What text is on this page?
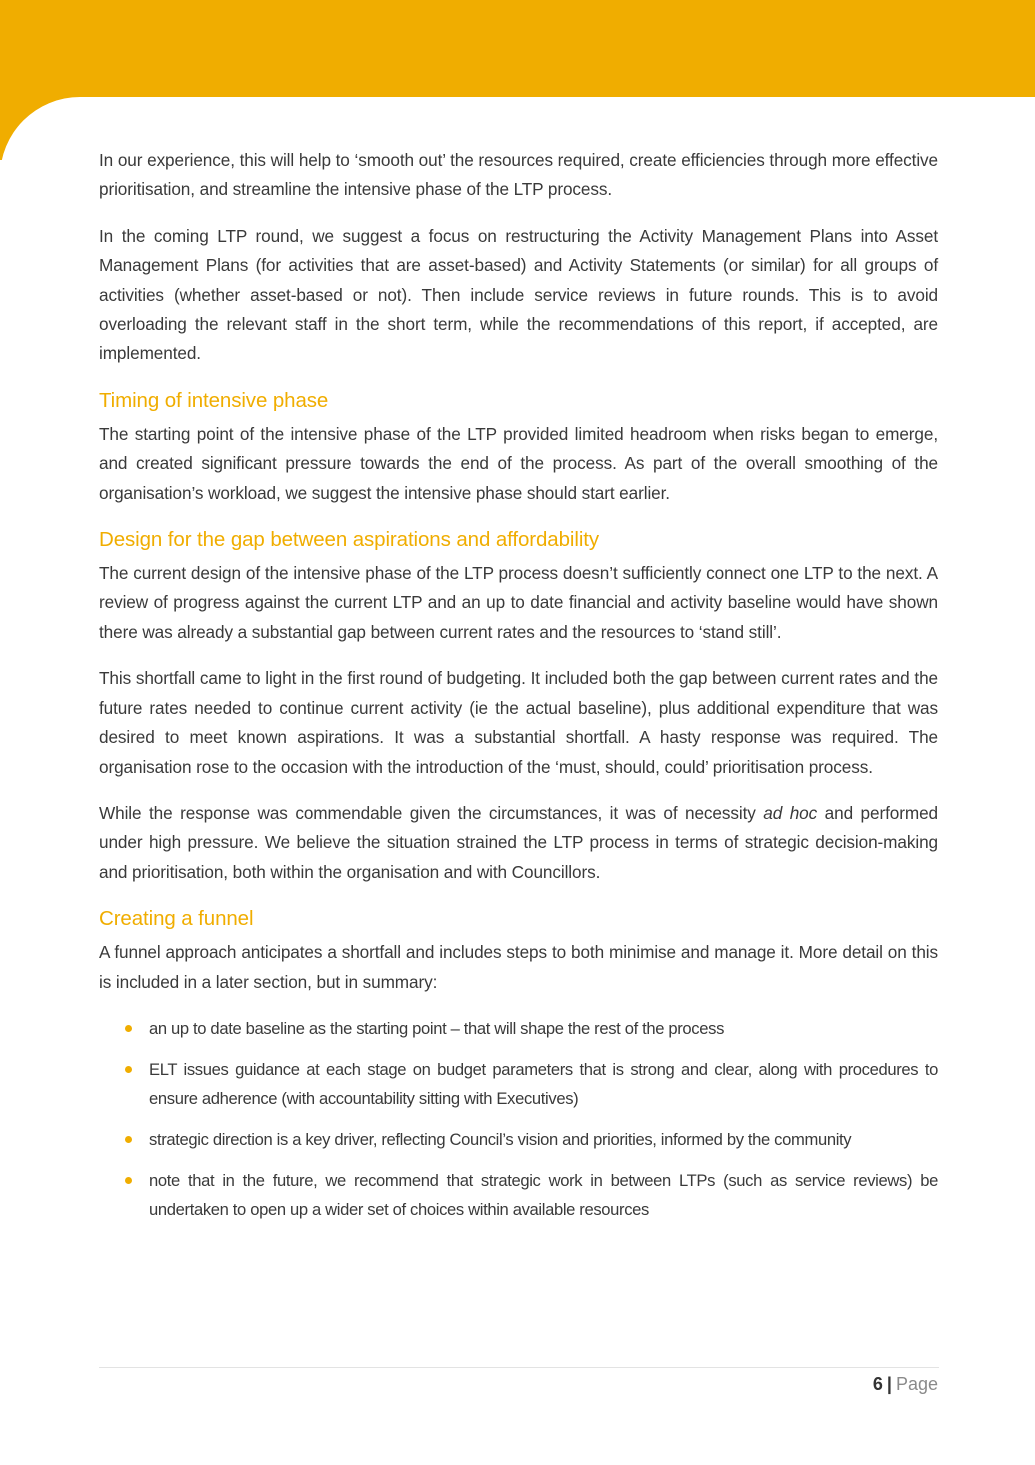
In our experience, this will help to ‘smooth out’ the resources required, create efficiencies through more effective prioritisation, and streamline the intensive phase of the LTP process.

In the coming LTP round, we suggest a focus on restructuring the Activity Management Plans into Asset Management Plans (for activities that are asset-based) and Activity Statements (or similar) for all groups of activities (whether asset-based or not). Then include service reviews in future rounds. This is to avoid overloading the relevant staff in the short term, while the recommendations of this report, if accepted, are implemented.

Timing of intensive phase

The starting point of the intensive phase of the LTP provided limited headroom when risks began to emerge, and created significant pressure towards the end of the process. As part of the overall smoothing of the organisation’s workload, we suggest the intensive phase should start earlier.

Design for the gap between aspirations and affordability

The current design of the intensive phase of the LTP process doesn’t sufficiently connect one LTP to the next. A review of progress against the current LTP and an up to date financial and activity baseline would have shown there was already a substantial gap between current rates and the resources to ‘stand still’.

This shortfall came to light in the first round of budgeting. It included both the gap between current rates and the future rates needed to continue current activity (ie the actual baseline), plus additional expenditure that was desired to meet known aspirations. It was a substantial shortfall. A hasty response was required. The organisation rose to the occasion with the introduction of the ‘must, should, could’ prioritisation process.

While the response was commendable given the circumstances, it was of necessity ad hoc and performed under high pressure. We believe the situation strained the LTP process in terms of strategic decision-making and prioritisation, both within the organisation and with Councillors.

Creating a funnel

A funnel approach anticipates a shortfall and includes steps to both minimise and manage it. More detail on this is included in a later section, but in summary:

an up to date baseline as the starting point – that will shape the rest of the process
ELT issues guidance at each stage on budget parameters that is strong and clear, along with procedures to ensure adherence (with accountability sitting with Executives)
strategic direction is a key driver, reflecting Council’s vision and priorities, informed by the community
note that in the future, we recommend that strategic work in between LTPs (such as service reviews) be undertaken to open up a wider set of choices within available resources
6 | Page
